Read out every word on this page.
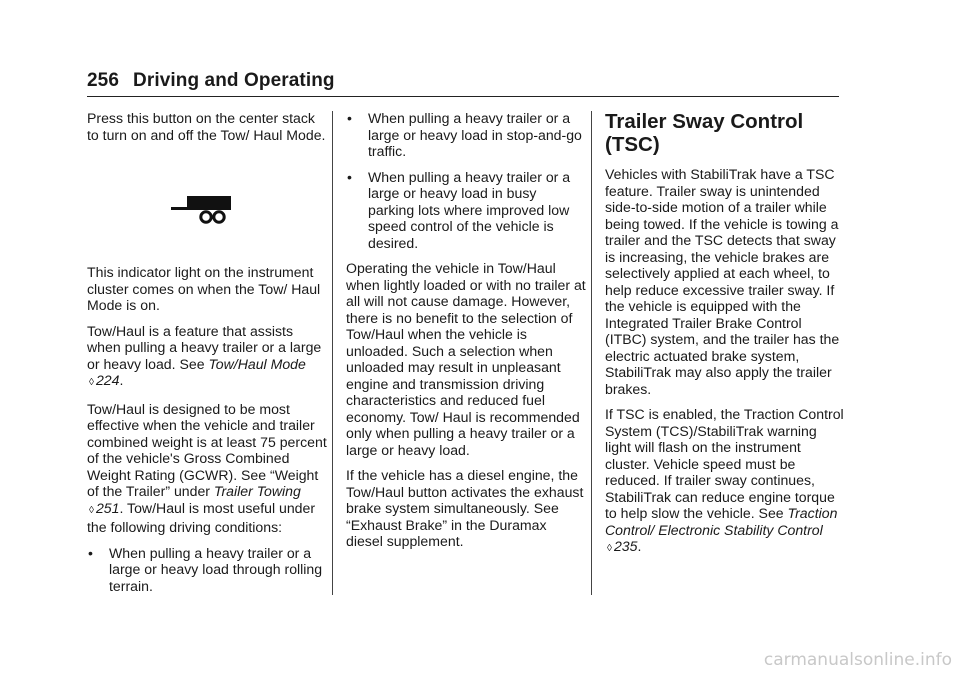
256 Driving and Operating

Press this button on the center stack to turn on and off the Tow/ Haul Mode.

This indicator light on the instrument cluster comes on when the Tow/ Haul Mode is on.

Tow/Haul is a feature that assists when pulling a heavy trailer or a large or heavy load. See Tow/Haul Mode ◊ 224.

Tow/Haul is designed to be most effective when the vehicle and trailer combined weight is at least 75 percent of the vehicle's Gross Combined Weight Rating (GCWR). See “Weight of the Trailer” under Trailer Towing ◊ 251. Tow/Haul is most useful under the following driving conditions:

•	When pulling a heavy trailer or a large or heavy load through rolling terrain.
•	When pulling a heavy trailer or a large or heavy load in stop-and-go traffic.
•	When pulling a heavy trailer or a large or heavy load in busy parking lots where improved low speed control of the vehicle is desired.

Operating the vehicle in Tow/Haul when lightly loaded or with no trailer at all will not cause damage. However, there is no benefit to the selection of Tow/Haul when the vehicle is unloaded. Such a selection when unloaded may result in unpleasant engine and transmission driving characteristics and reduced fuel economy. Tow/ Haul is recommended only when pulling a heavy trailer or a large or heavy load.

If the vehicle has a diesel engine, the Tow/Haul button activates the exhaust brake system simultaneously. See “Exhaust Brake” in the Duramax diesel supplement.

Trailer Sway Control (TSC)

Vehicles with StabiliTrak have a TSC feature. Trailer sway is unintended side-to-side motion of a trailer while being towed. If the vehicle is towing a trailer and the TSC detects that sway is increasing, the vehicle brakes are selectively applied at each wheel, to help reduce excessive trailer sway. If the vehicle is equipped with the Integrated Trailer Brake Control (ITBC) system, and the trailer has the electric actuated brake system, StabiliTrak may also apply the trailer brakes.

If TSC is enabled, the Traction Control System (TCS)/StabiliTrak warning light will flash on the instrument cluster. Vehicle speed must be reduced. If trailer sway continues, StabiliTrak can reduce engine torque to help slow the vehicle. See Traction Control/ Electronic Stability Control ◊ 235.

carmanualsonline.info
